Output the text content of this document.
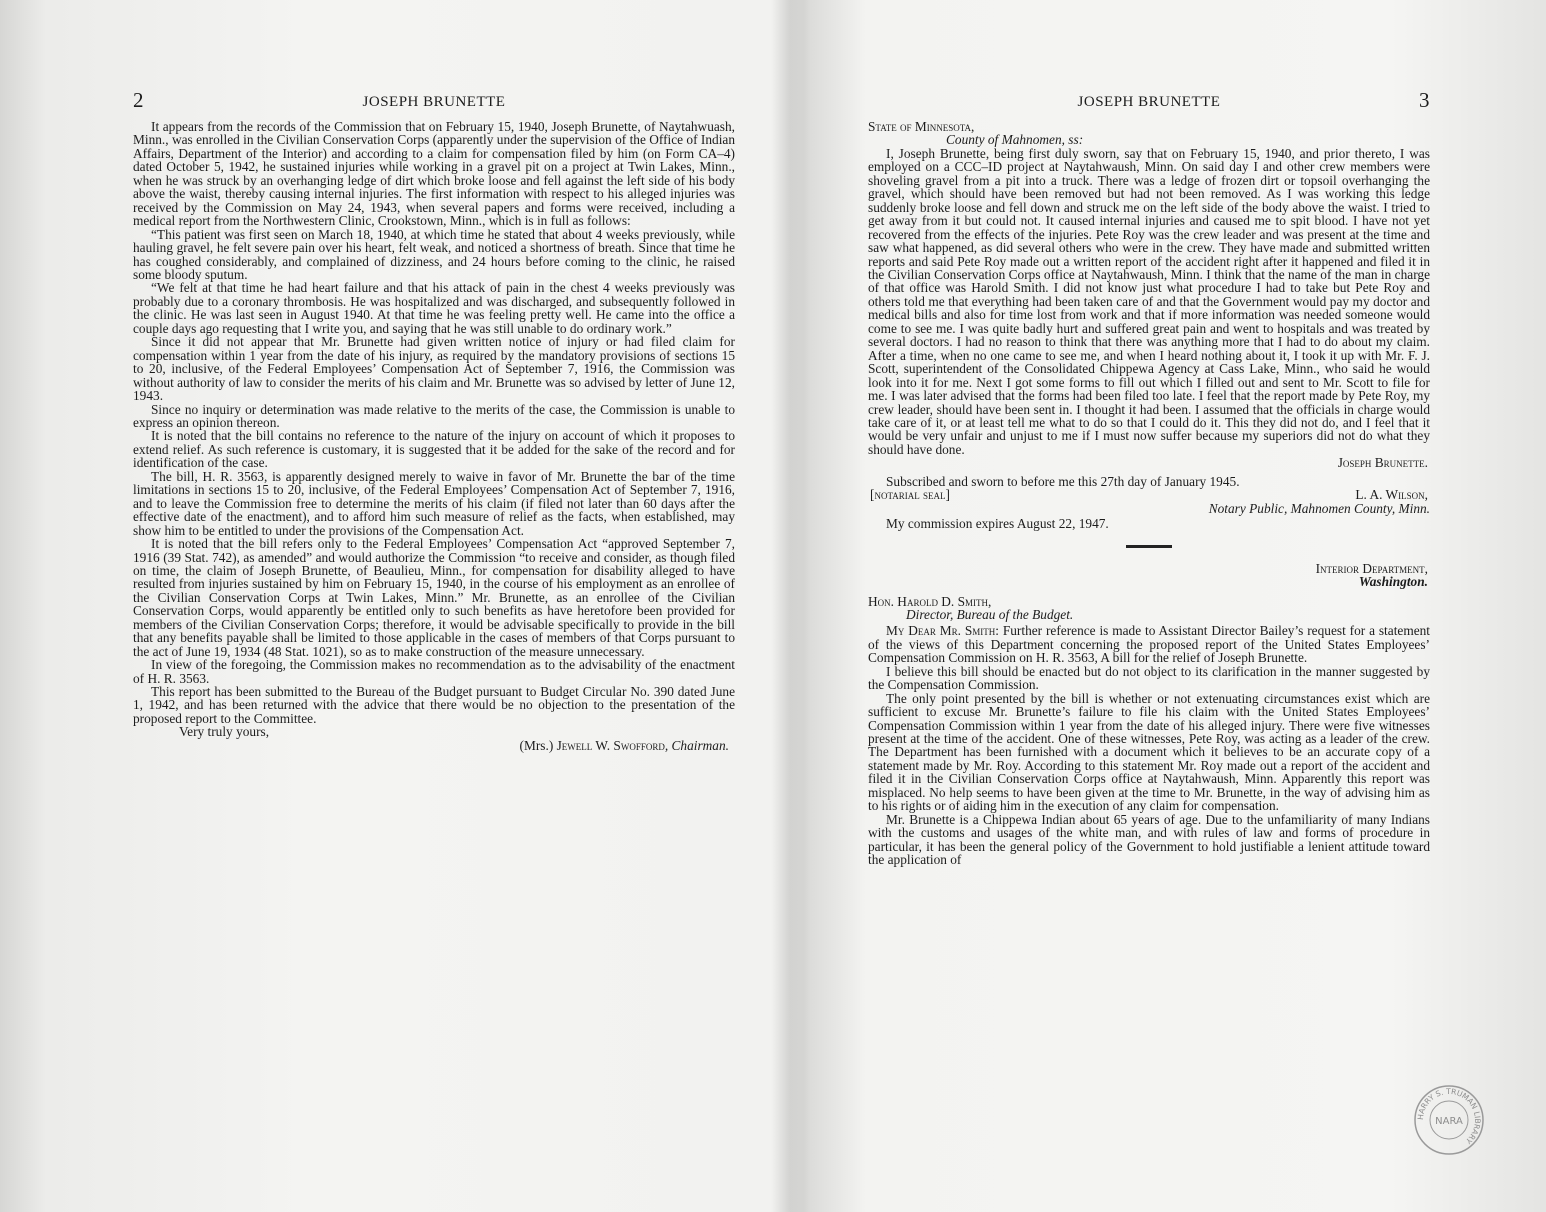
2	JOSEPH BRUNETTE

It appears from the records of the Commission that on February 15, 1940, Joseph Brunette, of Naytahwuash, Minn., was enrolled in the Civilian Conservation Corps (apparently under the supervision of the Office of Indian Affairs, Department of the Interior) and according to a claim for compensation filed by him (on Form CA–4) dated October 5, 1942, he sustained injuries while working in a gravel pit on a project at Twin Lakes, Minn., when he was struck by an overhanging ledge of dirt which broke loose and fell against the left side of his body above the waist, thereby causing internal injuries. The first information with respect to his alleged injuries was received by the Commission on May 24, 1943, when several papers and forms were received, including a medical report from the Northwestern Clinic, Crookstown, Minn., which is in full as follows:

“This patient was first seen on March 18, 1940, at which time he stated that about 4 weeks previously, while hauling gravel, he felt severe pain over his heart, felt weak, and noticed a shortness of breath. Since that time he has coughed considerably, and complained of dizziness, and 24 hours before coming to the clinic, he raised some bloody sputum.

“We felt at that time he had heart failure and that his attack of pain in the chest 4 weeks previously was probably due to a coronary thrombosis. He was hospitalized and was discharged, and subsequently followed in the clinic. He was last seen in August 1940. At that time he was feeling pretty well. He came into the office a couple days ago requesting that I write you, and saying that he was still unable to do ordinary work.”

Since it did not appear that Mr. Brunette had given written notice of injury or had filed claim for compensation within 1 year from the date of his injury, as required by the mandatory provisions of sections 15 to 20, inclusive, of the Federal Employees’ Compensation Act of September 7, 1916, the Commission was without authority of law to consider the merits of his claim and Mr. Brunette was so advised by letter of June 12, 1943.

Since no inquiry or determination was made relative to the merits of the case, the Commission is unable to express an opinion thereon.

It is noted that the bill contains no reference to the nature of the injury on account of which it proposes to extend relief. As such reference is customary, it is suggested that it be added for the sake of the record and for identification of the case.

The bill, H. R. 3563, is apparently designed merely to waive in favor of Mr. Brunette the bar of the time limitations in sections 15 to 20, inclusive, of the Federal Employees’ Compensation Act of September 7, 1916, and to leave the Commission free to determine the merits of his claim (if filed not later than 60 days after the effective date of the enactment), and to afford him such measure of relief as the facts, when established, may show him to be entitled to under the provisions of the Compensation Act.

It is noted that the bill refers only to the Federal Employees’ Compensation Act “approved September 7, 1916 (39 Stat. 742), as amended” and would authorize the Commission “to receive and consider, as though filed on time, the claim of Joseph Brunette, of Beaulieu, Minn., for compensation for disability alleged to have resulted from injuries sustained by him on February 15, 1940, in the course of his employment as an enrollee of the Civilian Conservation Corps at Twin Lakes, Minn.” Mr. Brunette, as an enrollee of the Civilian Conservation Corps, would apparently be entitled only to such benefits as have heretofore been provided for members of the Civilian Conservation Corps; therefore, it would be advisable specifically to provide in the bill that any benefits payable shall be limited to those applicable in the cases of members of that Corps pursuant to the act of June 19, 1934 (48 Stat. 1021), so as to make construction of the measure unnecessary.

In view of the foregoing, the Commission makes no recommendation as to the advisability of the enactment of H. R. 3563.

This report has been submitted to the Bureau of the Budget pursuant to Budget Circular No. 390 dated June 1, 1942, and has been returned with the advice that there would be no objection to the presentation of the proposed report to the Committee.

Very truly yours,

(Mrs.) Jewell W. Swofford, Chairman.

JOSEPH BRUNETTE	3

State of Minnesota,

County of Mahnomen, ss:

I, Joseph Brunette, being first duly sworn, say that on February 15, 1940, and prior thereto, I was employed on a CCC–ID project at Naytahwaush, Minn. On said day I and other crew members were shoveling gravel from a pit into a truck. There was a ledge of frozen dirt or topsoil overhanging the gravel, which should have been removed but had not been removed. As I was working this ledge suddenly broke loose and fell down and struck me on the left side of the body above the waist. I tried to get away from it but could not. It caused internal injuries and caused me to spit blood. I have not yet recovered from the effects of the injuries. Pete Roy was the crew leader and was present at the time and saw what happened, as did several others who were in the crew. They have made and submitted written reports and said Pete Roy made out a written report of the accident right after it happened and filed it in the Civilian Conservation Corps office at Naytahwaush, Minn. I think that the name of the man in charge of that office was Harold Smith. I did not know just what procedure I had to take but Pete Roy and others told me that everything had been taken care of and that the Government would pay my doctor and medical bills and also for time lost from work and that if more information was needed someone would come to see me. I was quite badly hurt and suffered great pain and went to hospitals and was treated by several doctors. I had no reason to think that there was anything more that I had to do about my claim. After a time, when no one came to see me, and when I heard nothing about it, I took it up with Mr. F. J. Scott, superintendent of the Consolidated Chippewa Agency at Cass Lake, Minn., who said he would look into it for me. Next I got some forms to fill out which I filled out and sent to Mr. Scott to file for me. I was later advised that the forms had been filed too late. I feel that the report made by Pete Roy, my crew leader, should have been sent in. I thought it had been. I assumed that the officials in charge would take care of it, or at least tell me what to do so that I could do it. This they did not do, and I feel that it would be very unfair and unjust to me if I must now suffer because my superiors did not do what they should have done.

Joseph Brunette.

Subscribed and sworn to before me this 27th day of January 1945.

[notarial seal]	L. A. Wilson,

Notary Public, Mahnomen County, Minn.

My commission expires August 22, 1947.

Interior Department,

Washington.

Hon. Harold D. Smith,

Director, Bureau of the Budget.

My Dear Mr. Smith: Further reference is made to Assistant Director Bailey’s request for a statement of the views of this Department concerning the proposed report of the United States Employees’ Compensation Commission on H. R. 3563, A bill for the relief of Joseph Brunette.

I believe this bill should be enacted but do not object to its clarification in the manner suggested by the Compensation Commission.

The only point presented by the bill is whether or not extenuating circumstances exist which are sufficient to excuse Mr. Brunette’s failure to file his claim with the United States Employees’ Compensation Commission within 1 year from the date of his alleged injury. There were five witnesses present at the time of the accident. One of these witnesses, Pete Roy, was acting as a leader of the crew. The Department has been furnished with a document which it believes to be an accurate copy of a statement made by Mr. Roy. According to this statement Mr. Roy made out a report of the accident and filed it in the Civilian Conservation Corps office at Naytahwaush, Minn. Apparently this report was misplaced. No help seems to have been given at the time to Mr. Brunette, in the way of advising him as to his rights or of aiding him in the execution of any claim for compensation.

Mr. Brunette is a Chippewa Indian about 65 years of age. Due to the unfamiliarity of many Indians with the customs and usages of the white man, and with rules of law and forms of procedure in particular, it has been the general policy of the Government to hold justifiable a lenient attitude toward the application of

HARRY S. TRUMAN LIBRARY
NARA
